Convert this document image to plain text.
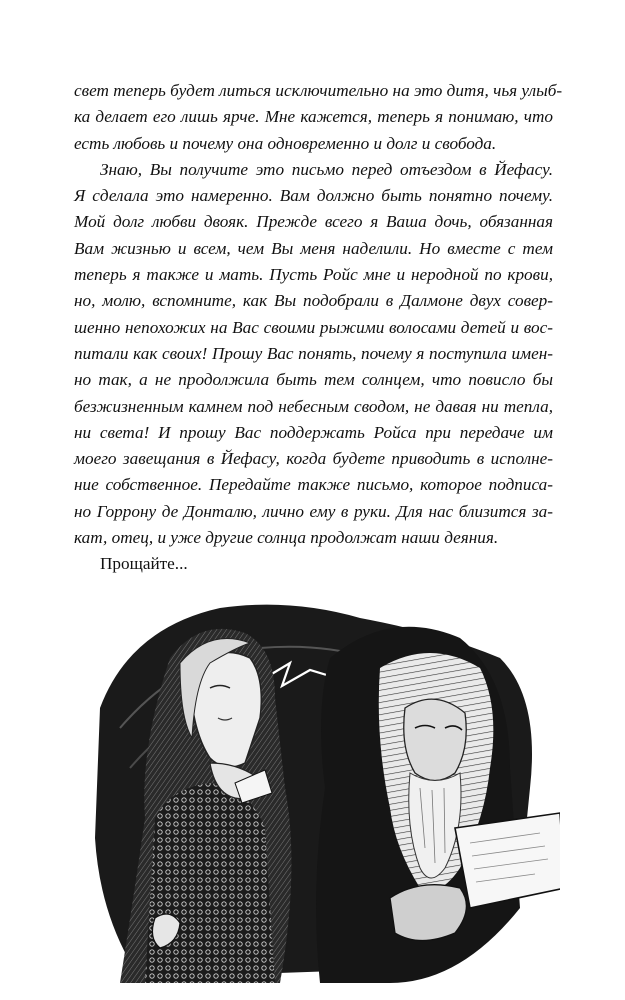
свет теперь будет литься исключительно на это дитя, чья улыб-
ка делает его лишь ярче. Мне кажется, теперь я понимаю, что
есть любовь и почему она одновременно и долг и свобода.
Знаю, Вы получите это письмо перед отъездом в Йефасу.
Я сделала это намеренно. Вам должно быть понятно почему.
Мой долг любви двояк. Прежде всего я Ваша дочь, обязанная
Вам жизнью и всем, чем Вы меня наделили. Но вместе с тем
теперь я также и мать. Пусть Ройс мне и неродной по крови,
но, молю, вспомните, как Вы подобрали в Далмоне двух совер-
шенно непохожих на Вас своими рыжими волосами детей и вос-
питали как своих! Прошу Вас понять, почему я поступила имен-
но так, а не продолжила быть тем солнцем, что повисло бы
безжизненным камнем под небесным сводом, не давая ни тепла,
ни света! И прошу Вас поддержать Ройса при передаче им
моего завещания в Йефасу, когда будете приводить в исполне-
ние собственное. Передайте также письмо, которое подписа-
но Горрону де Донталю, лично ему в руки. Для нас близится за-
кат, отец, и уже другие солнца продолжат наши деяния.
Прощайте...
